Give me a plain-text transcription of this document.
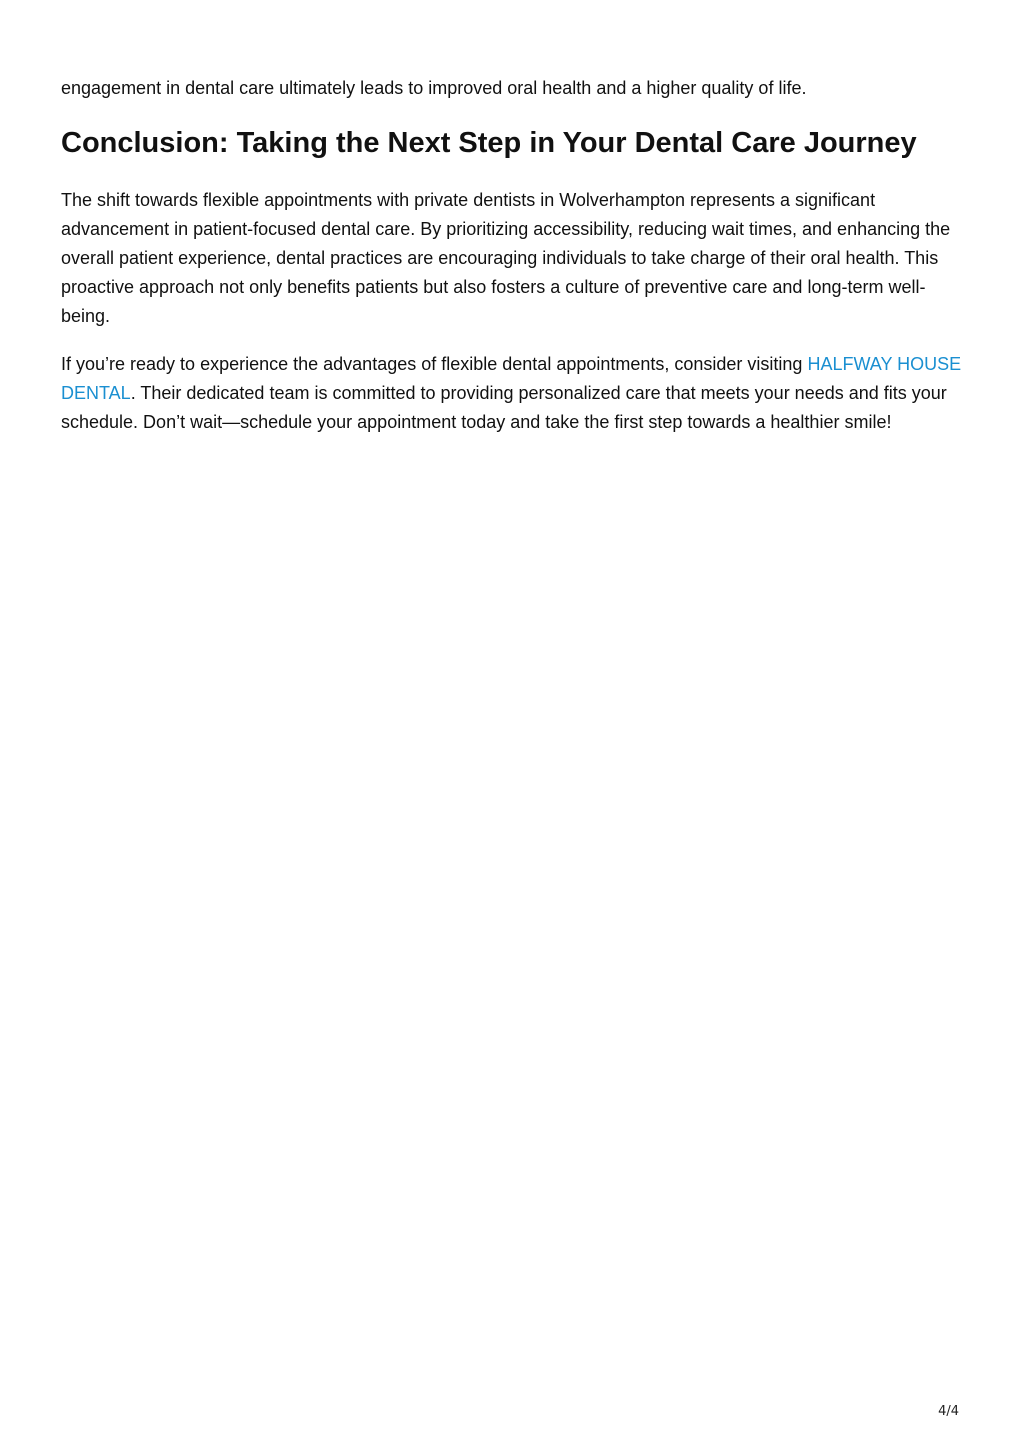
engagement in dental care ultimately leads to improved oral health and a higher quality of life.

Conclusion: Taking the Next Step in Your Dental Care Journey

The shift towards flexible appointments with private dentists in Wolverhampton represents a significant advancement in patient-focused dental care. By prioritizing accessibility, reducing wait times, and enhancing the overall patient experience, dental practices are encouraging individuals to take charge of their oral health. This proactive approach not only benefits patients but also fosters a culture of preventive care and long-term well-being.

If you’re ready to experience the advantages of flexible dental appointments, consider visiting HALFWAY HOUSE DENTAL. Their dedicated team is committed to providing personalized care that meets your needs and fits your schedule. Don’t wait—schedule your appointment today and take the first step towards a healthier smile!

4/4
